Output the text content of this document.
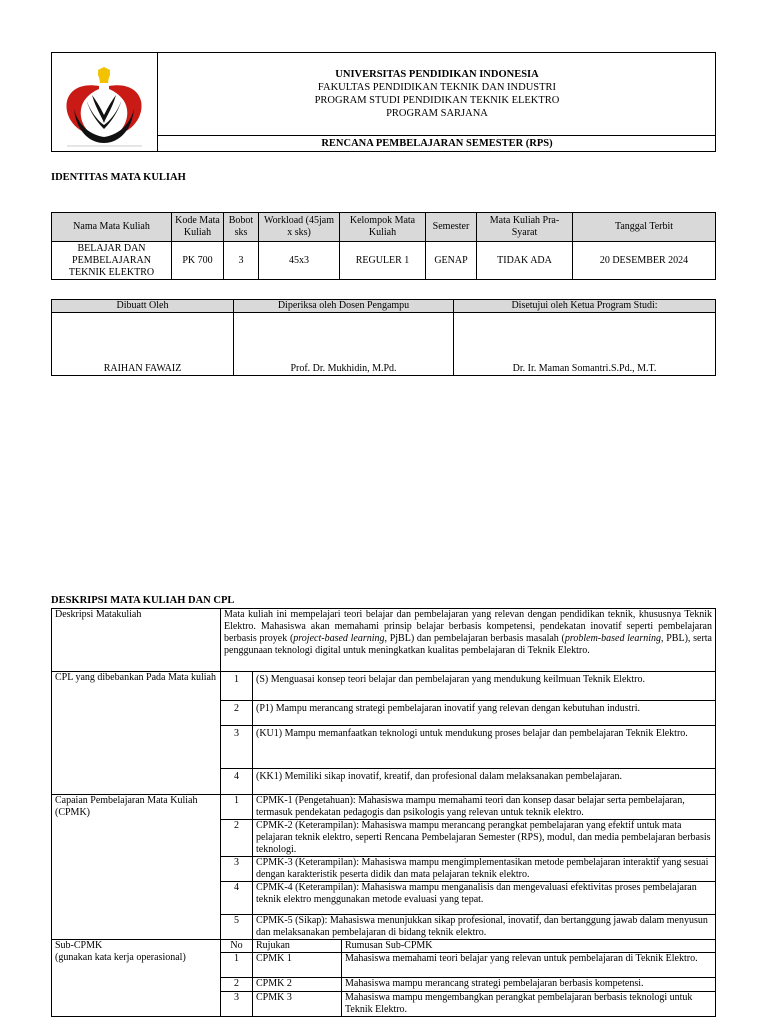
UNIVERSITAS PENDIDIKAN INDONESIA
FAKULTAS PENDIDIKAN TEKNIK DAN INDUSTRI
PROGRAM STUDI PENDIDIKAN TEKNIK ELEKTRO
PROGRAM SARJANA
RENCANA PEMBELAJARAN SEMESTER (RPS)
IDENTITAS MATA KULIAH
Nama Mata Kuliah	Kode Mata Kuliah	Bobot sks	Workload (45jam x sks)	Kelompok Mata Kuliah	Semester	Mata Kuliah Pra-Syarat	Tanggal Terbit
BELAJAR DAN PEMBELAJARAN TEKNIK ELEKTRO	PK 700	3	45x3	REGULER 1	GENAP	TIDAK ADA	20 DESEMBER 2024
Dibuatt Oleh	Diperiksa oleh Dosen Pengampu	Disetujui oleh Ketua Program Studi:
RAIHAN FAWAIZ	Prof. Dr. Mukhidin, M.Pd.	Dr. Ir. Maman Somantri.S.Pd., M.T.
DESKRIPSI MATA KULIAH DAN CPL
Deskripsi Matakuliah	Mata kuliah ini mempelajari teori belajar dan pembelajaran yang relevan dengan pendidikan teknik, khususnya Teknik Elektro. Mahasiswa akan memahami prinsip belajar berbasis kompetensi, pendekatan inovatif seperti pembelajaran berbasis proyek (project-based learning, PjBL) dan pembelajaran berbasis masalah (problem-based learning, PBL), serta penggunaan teknologi digital untuk meningkatkan kualitas pembelajaran di Teknik Elektro.		
CPL yang dibebankan Pada Mata kuliah	1	(S) Menguasai konsep teori belajar dan pembelajaran yang mendukung keilmuan Teknik Elektro.	
	2	(P1) Mampu merancang strategi pembelajaran inovatif yang relevan dengan kebutuhan industri.	
	3	(KU1) Mampu memanfaatkan teknologi untuk mendukung proses belajar dan pembelajaran Teknik Elektro.	
	4	(KK1) Memiliki sikap inovatif, kreatif, dan profesional dalam melaksanakan pembelajaran.	
Capaian Pembelajaran Mata Kuliah (CPMK)	1	CPMK-1 (Pengetahuan): Mahasiswa mampu memahami teori dan konsep dasar belajar serta pembelajaran, termasuk pendekatan pedagogis dan psikologis yang relevan untuk teknik elektro.	
	2	CPMK-2 (Keterampilan): Mahasiswa mampu merancang perangkat pembelajaran yang efektif untuk mata pelajaran teknik elektro, seperti Rencana Pembelajaran Semester (RPS), modul, dan media pembelajaran berbasis teknologi.	
	3	CPMK-3 (Keterampilan): Mahasiswa mampu mengimplementasikan metode pembelajaran interaktif yang sesuai dengan karakteristik peserta didik dan mata pelajaran teknik elektro.	
	4	CPMK-4 (Keterampilan): Mahasiswa mampu menganalisis dan mengevaluasi efektivitas proses pembelajaran teknik elektro menggunakan metode evaluasi yang tepat.	
	5	CPMK-5 (Sikap): Mahasiswa menunjukkan sikap profesional, inovatif, dan bertanggung jawab dalam menyusun dan melaksanakan pembelajaran di bidang teknik elektro.	

Sub-CPMK
(gunakan kata kerja operasional)	No	Rujukan	Rumusan Sub-CPMK
	1	CPMK 1	Mahasiswa memahami teori belajar yang relevan untuk pembelajaran di Teknik Elektro.
	2	CPMK 2	Mahasiswa mampu merancang strategi pembelajaran berbasis kompetensi.
	3	CPMK 3	Mahasiswa mampu mengembangkan perangkat pembelajaran berbasis teknologi untuk Teknik Elektro.
